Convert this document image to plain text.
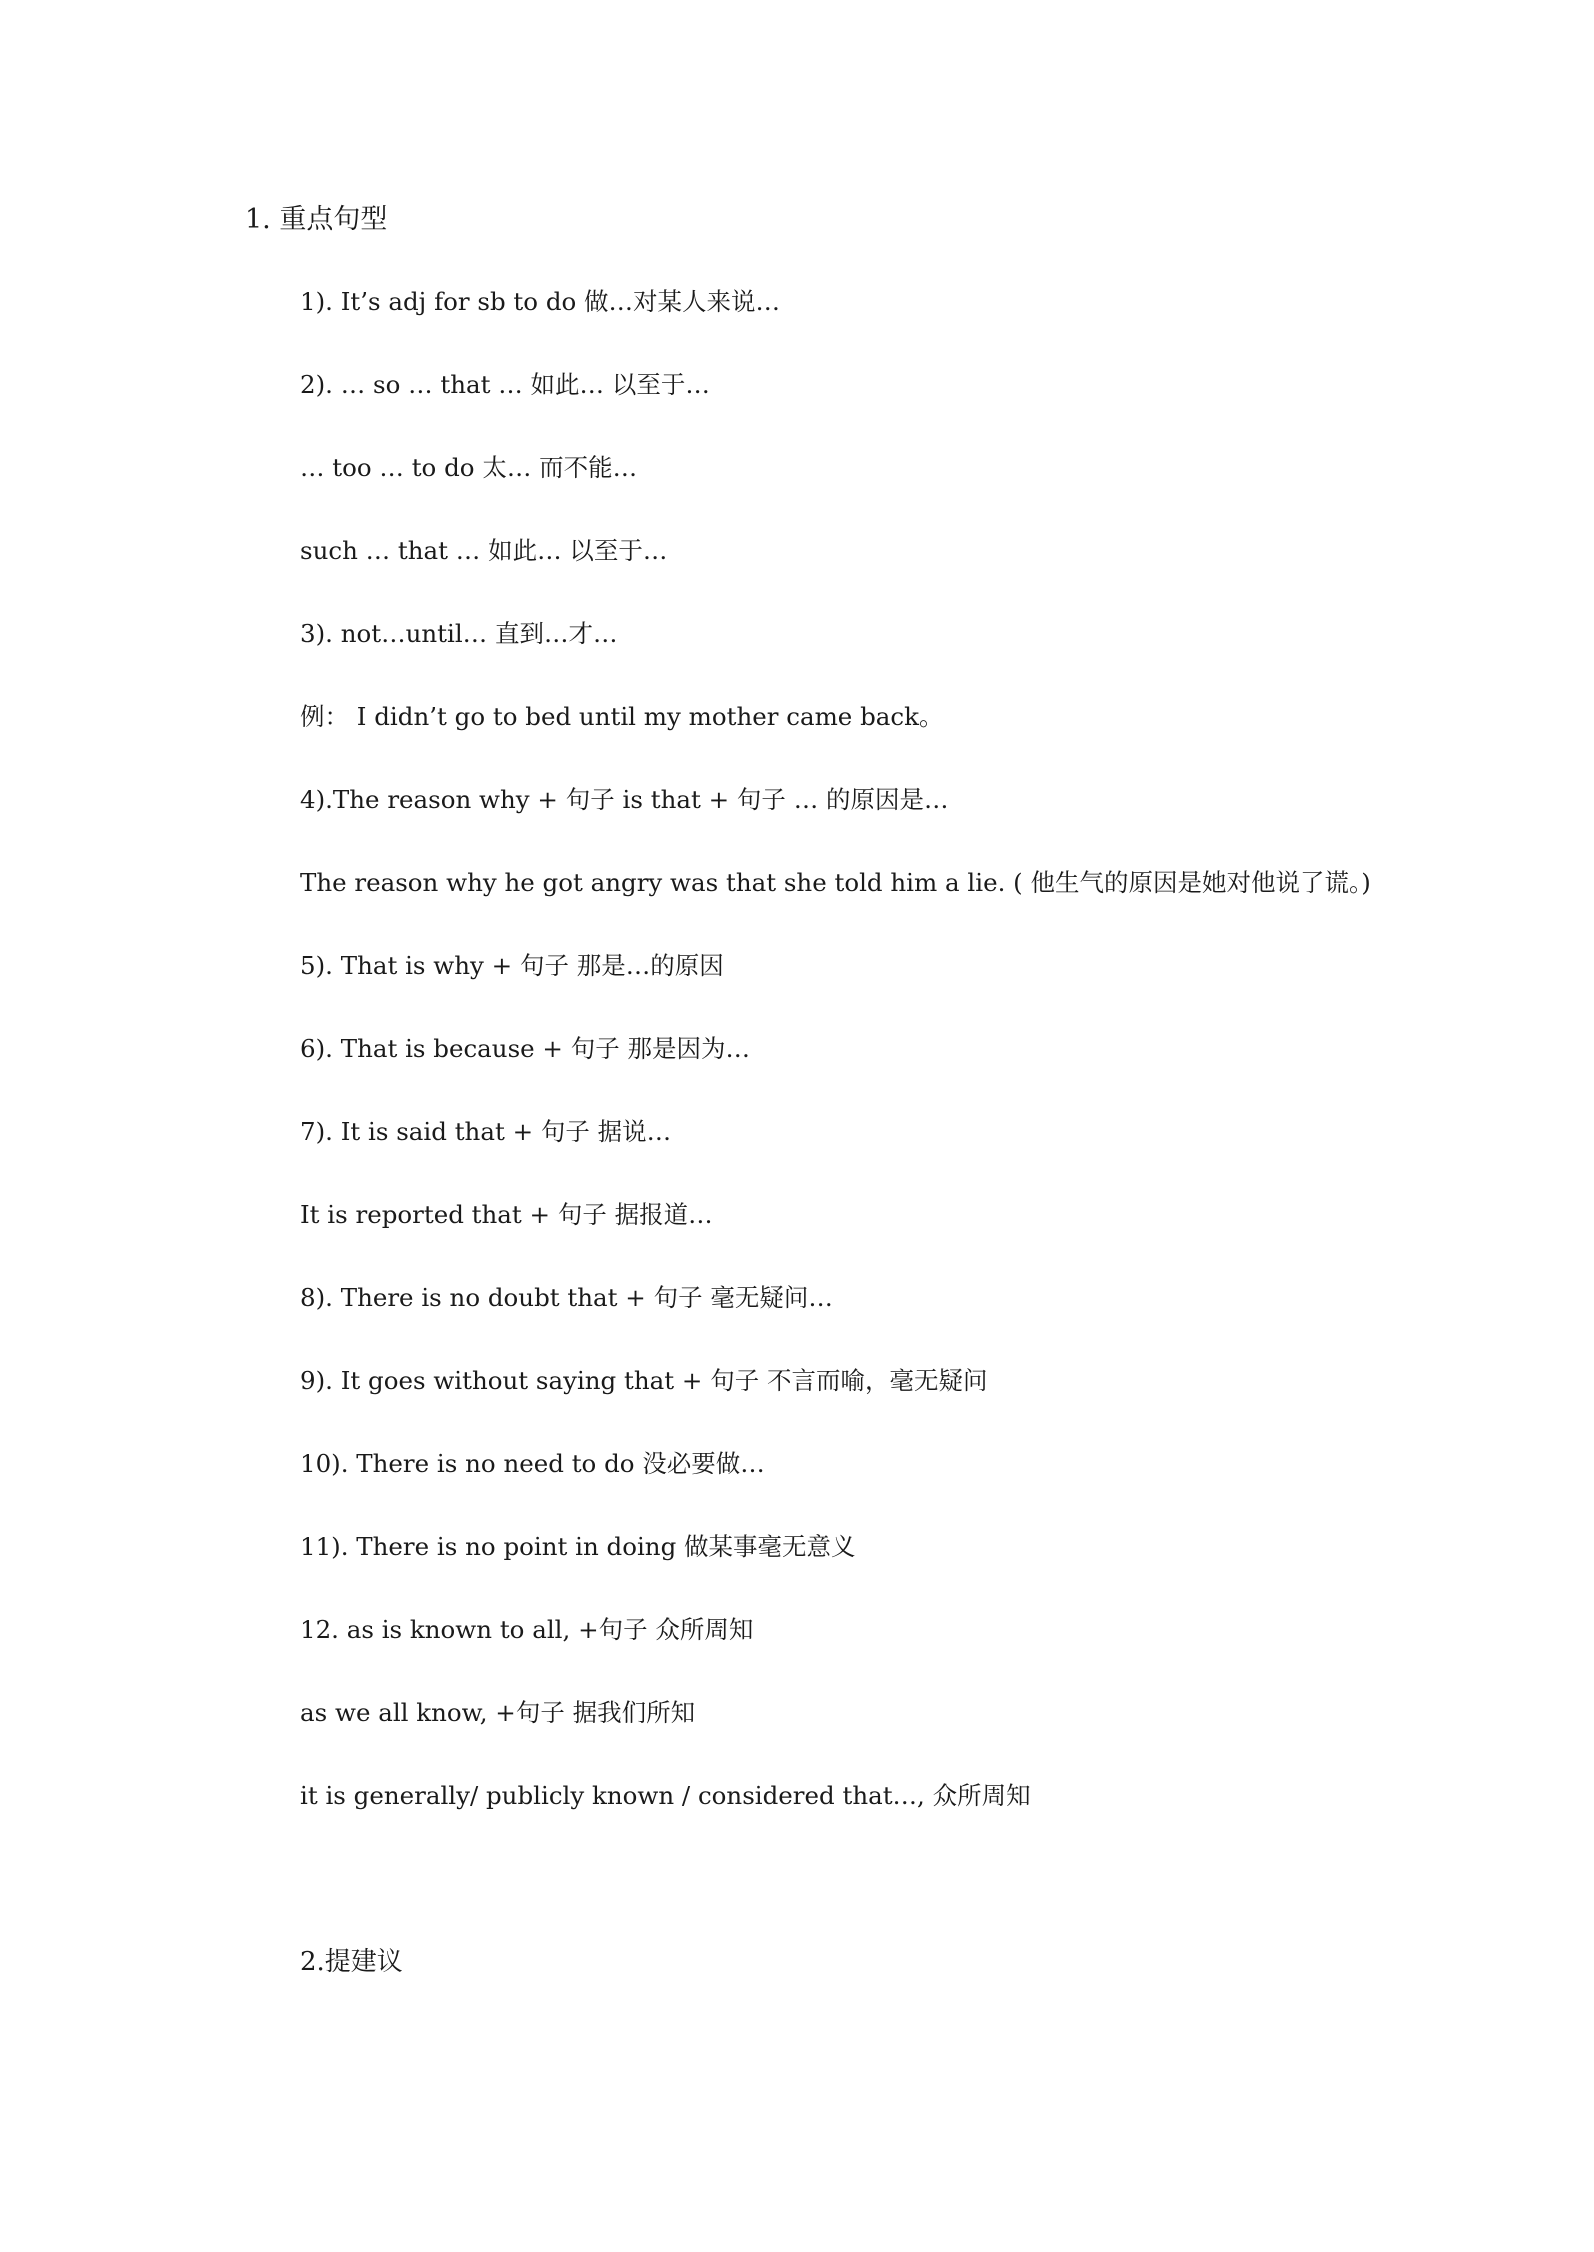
1. 重点句型
1). It’s adj for sb to do 做…对某人来说…
2). … so … that … 如此… 以至于…
… too … to do 太… 而不能…
such … that … 如此… 以至于…
3). not…until… 直到…才…
例： I didn’t go to bed until my mother came back。
4).The reason why + 句子 is that + 句子 … 的原因是…
The reason why he got angry was that she told him a lie. ( 他生气的原因是她对他说了谎。)
5). That is why + 句子 那是…的原因
6). That is because + 句子 那是因为…
7). It is said that + 句子 据说…
It is reported that + 句子 据报道…
8). There is no doubt that + 句子 毫无疑问…
9). It goes without saying that + 句子 不言而喻，毫无疑问
10). There is no need to do 没必要做…
11). There is no point in doing 做某事毫无意义
12. as is known to all, +句子 众所周知
as we all know, +句子 据我们所知
it is generally/ publicly known / considered that…, 众所周知
2.提建议
